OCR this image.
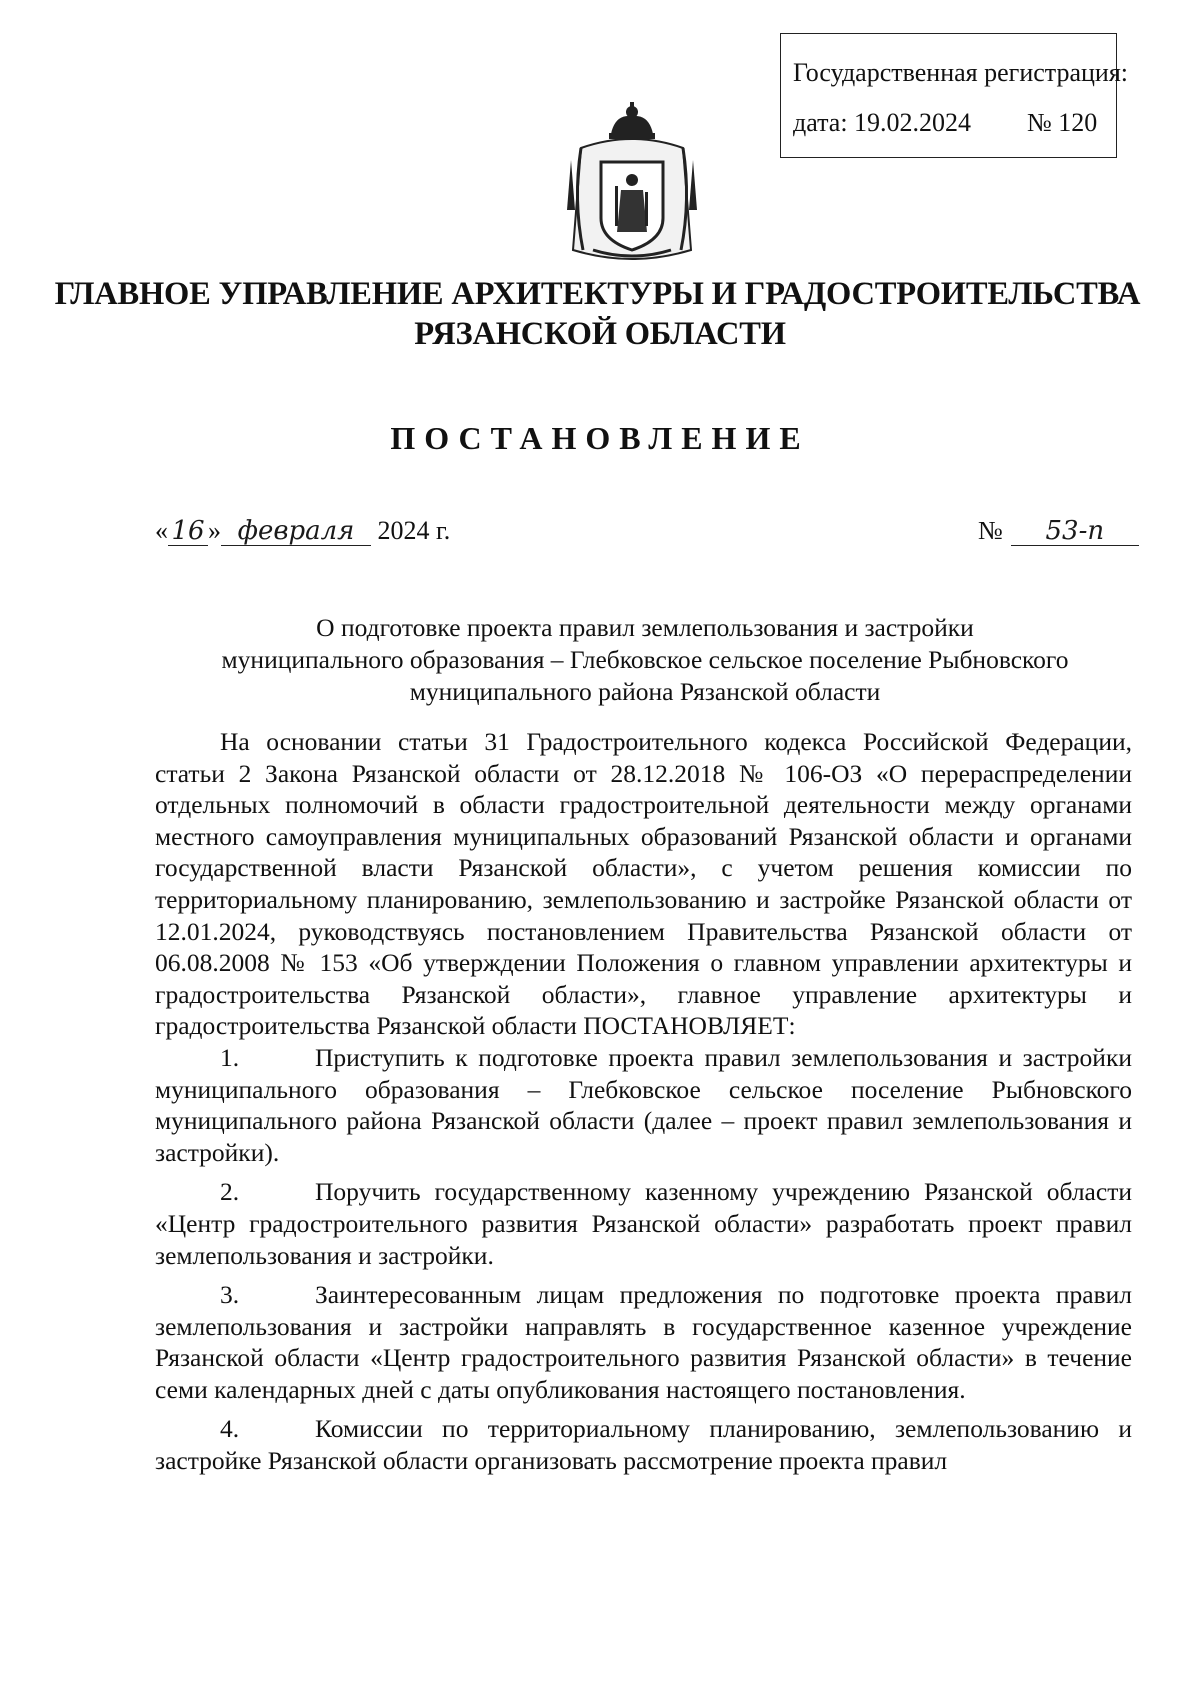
Государственная регистрация:
дата: 19.02.2024 № 120
ГЛАВНОЕ УПРАВЛЕНИЕ АРХИТЕКТУРЫ И ГРАДОСТРОИТЕЛЬСТВА
РЯЗАНСКОЙ ОБЛАСТИ
ПОСТАНОВЛЕНИЕ
« 16 » февраля 2024 г.	№ 53-п
О подготовке проекта правил землепользования и застройки
муниципального образования – Глебковское сельское поселение Рыбновского
муниципального района Рязанской области

На основании статьи 31 Градостроительного кодекса Российской Федерации, статьи 2 Закона Рязанской области от 28.12.2018 № 106-ОЗ «О перераспределении отдельных полномочий в области градостроительной деятельности между органами местного самоуправления муниципальных образований Рязанской области и органами государственной власти Рязанской области», с учетом решения комиссии по территориальному планированию, землепользованию и застройке Рязанской области от 12.01.2024, руководствуясь постановлением Правительства Рязанской области от 06.08.2008 № 153 «Об утверждении Положения о главном управлении архитектуры и градостроительства Рязанской области», главное управление архитектуры и градостроительства Рязанской области ПОСТАНОВЛЯЕТ:

1.	Приступить к подготовке проекта правил землепользования и застройки муниципального образования – Глебковское сельское поселение Рыбновского муниципального района Рязанской области (далее – проект правил землепользования и застройки).

2.	Поручить государственному казенному учреждению Рязанской области «Центр градостроительного развития Рязанской области» разработать проект правил землепользования и застройки.

3.	Заинтересованным лицам предложения по подготовке проекта правил землепользования и застройки направлять в государственное казенное учреждение Рязанской области «Центр градостроительного развития Рязанской области» в течение семи календарных дней с даты опубликования настоящего постановления.

4.	Комиссии по территориальному планированию, землепользованию и застройке Рязанской области организовать рассмотрение проекта правил
